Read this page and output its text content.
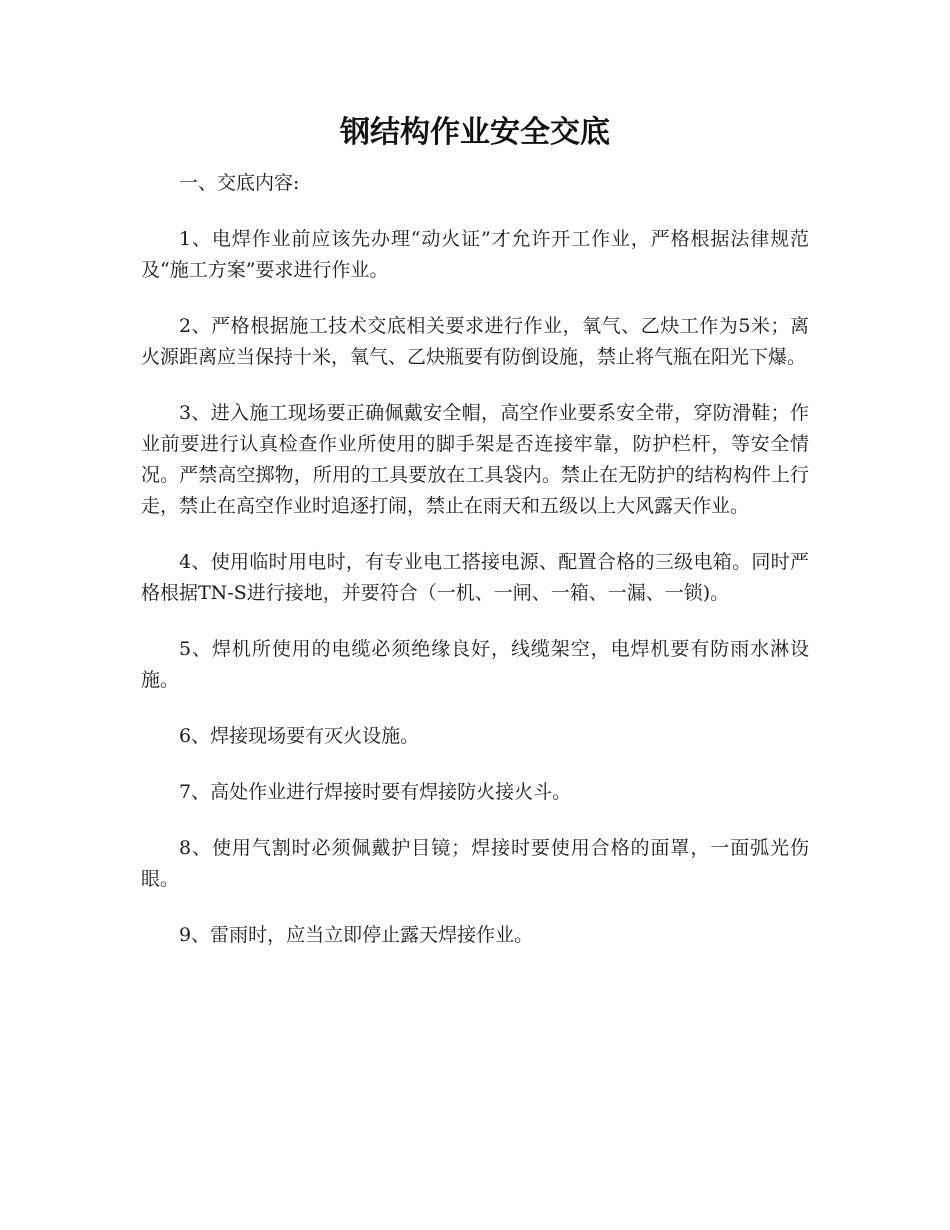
钢结构作业安全交底

一、交底内容:

1、电焊作业前应该先办理“动火证”才允许开工作业，严格根据法律规范及“施工方案”要求进行作业。

2、严格根据施工技术交底相关要求进行作业，氧气、乙炔工作为5米；离火源距离应当保持十米，氧气、乙炔瓶要有防倒设施，禁止将气瓶在阳光下爆。

3、进入施工现场要正确佩戴安全帽，高空作业要系安全带，穿防滑鞋；作业前要进行认真检查作业所使用的脚手架是否连接牢靠，防护栏杆，等安全情况。严禁高空掷物，所用的工具要放在工具袋内。禁止在无防护的结构构件上行走，禁止在高空作业时追逐打闹，禁止在雨天和五级以上大风露天作业。

4、使用临时用电时，有专业电工搭接电源、配置合格的三级电箱。同时严格根据TN-S进行接地，并要符合（一机、一闸、一箱、一漏、一锁)。

5、焊机所使用的电缆必须绝缘良好，线缆架空，电焊机要有防雨水淋设施。

6、焊接现场要有灭火设施。

7、高处作业进行焊接时要有焊接防火接火斗。

8、使用气割时必须佩戴护目镜；焊接时要使用合格的面罩，一面弧光伤眼。

9、雷雨时，应当立即停止露天焊接作业。
